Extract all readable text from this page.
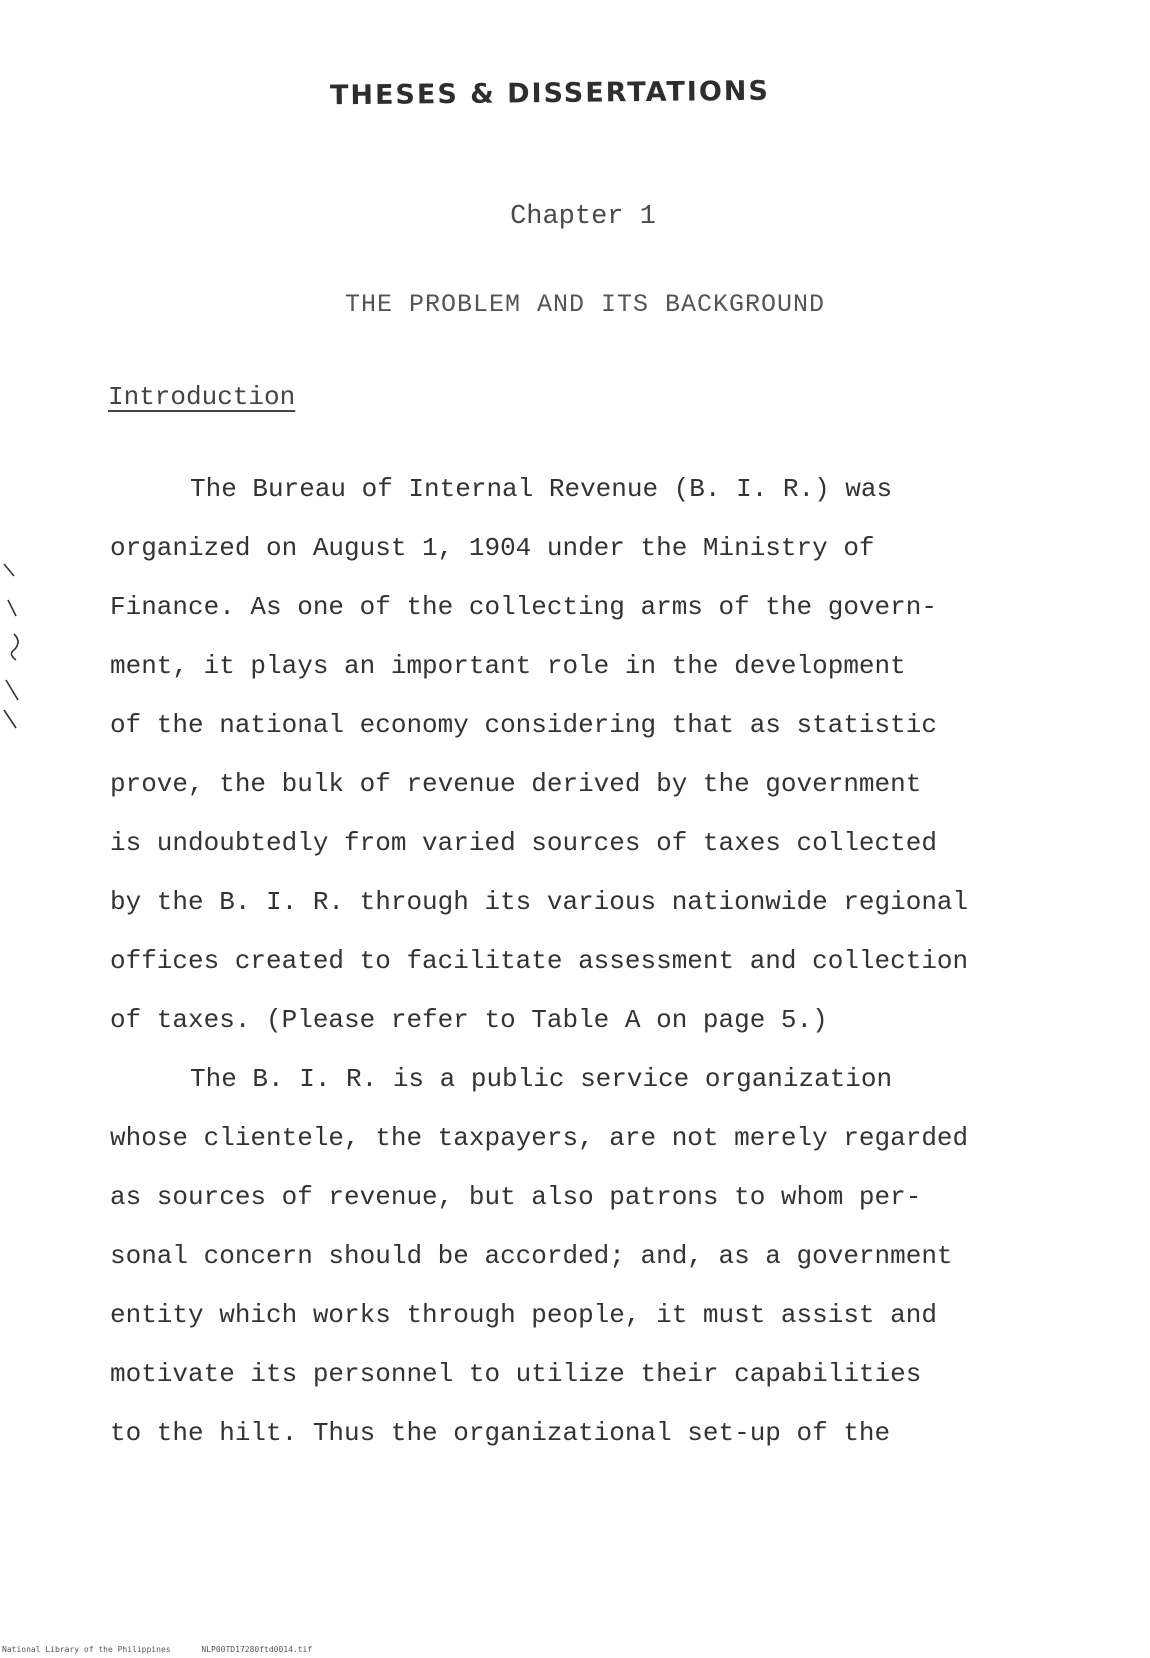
THESES & DISSERTATIONS
Chapter 1
THE PROBLEM AND ITS BACKGROUND
Introduction
The Bureau of Internal Revenue (B. I. R.) was
organized on August 1, 1904 under the Ministry of
Finance. As one of the collecting arms of the govern-
ment, it plays an important role in the development
of the national economy considering that as statistic
prove, the bulk of revenue derived by the government
is undoubtedly from varied sources of taxes collected
by the B. I. R. through its various nationwide regional
offices created to facilitate assessment and collection
of taxes. (Please refer to Table A on page 5.)
The B. I. R. is a public service organization
whose clientele, the taxpayers, are not merely regarded
as sources of revenue, but also patrons to whom per-
sonal concern should be accorded; and, as a government
entity which works through people, it must assist and
motivate its personnel to utilize their capabilities
to the hilt. Thus the organizational set-up of the
National Library of the Philippines	NLP00TD17280ftd0014.tif
